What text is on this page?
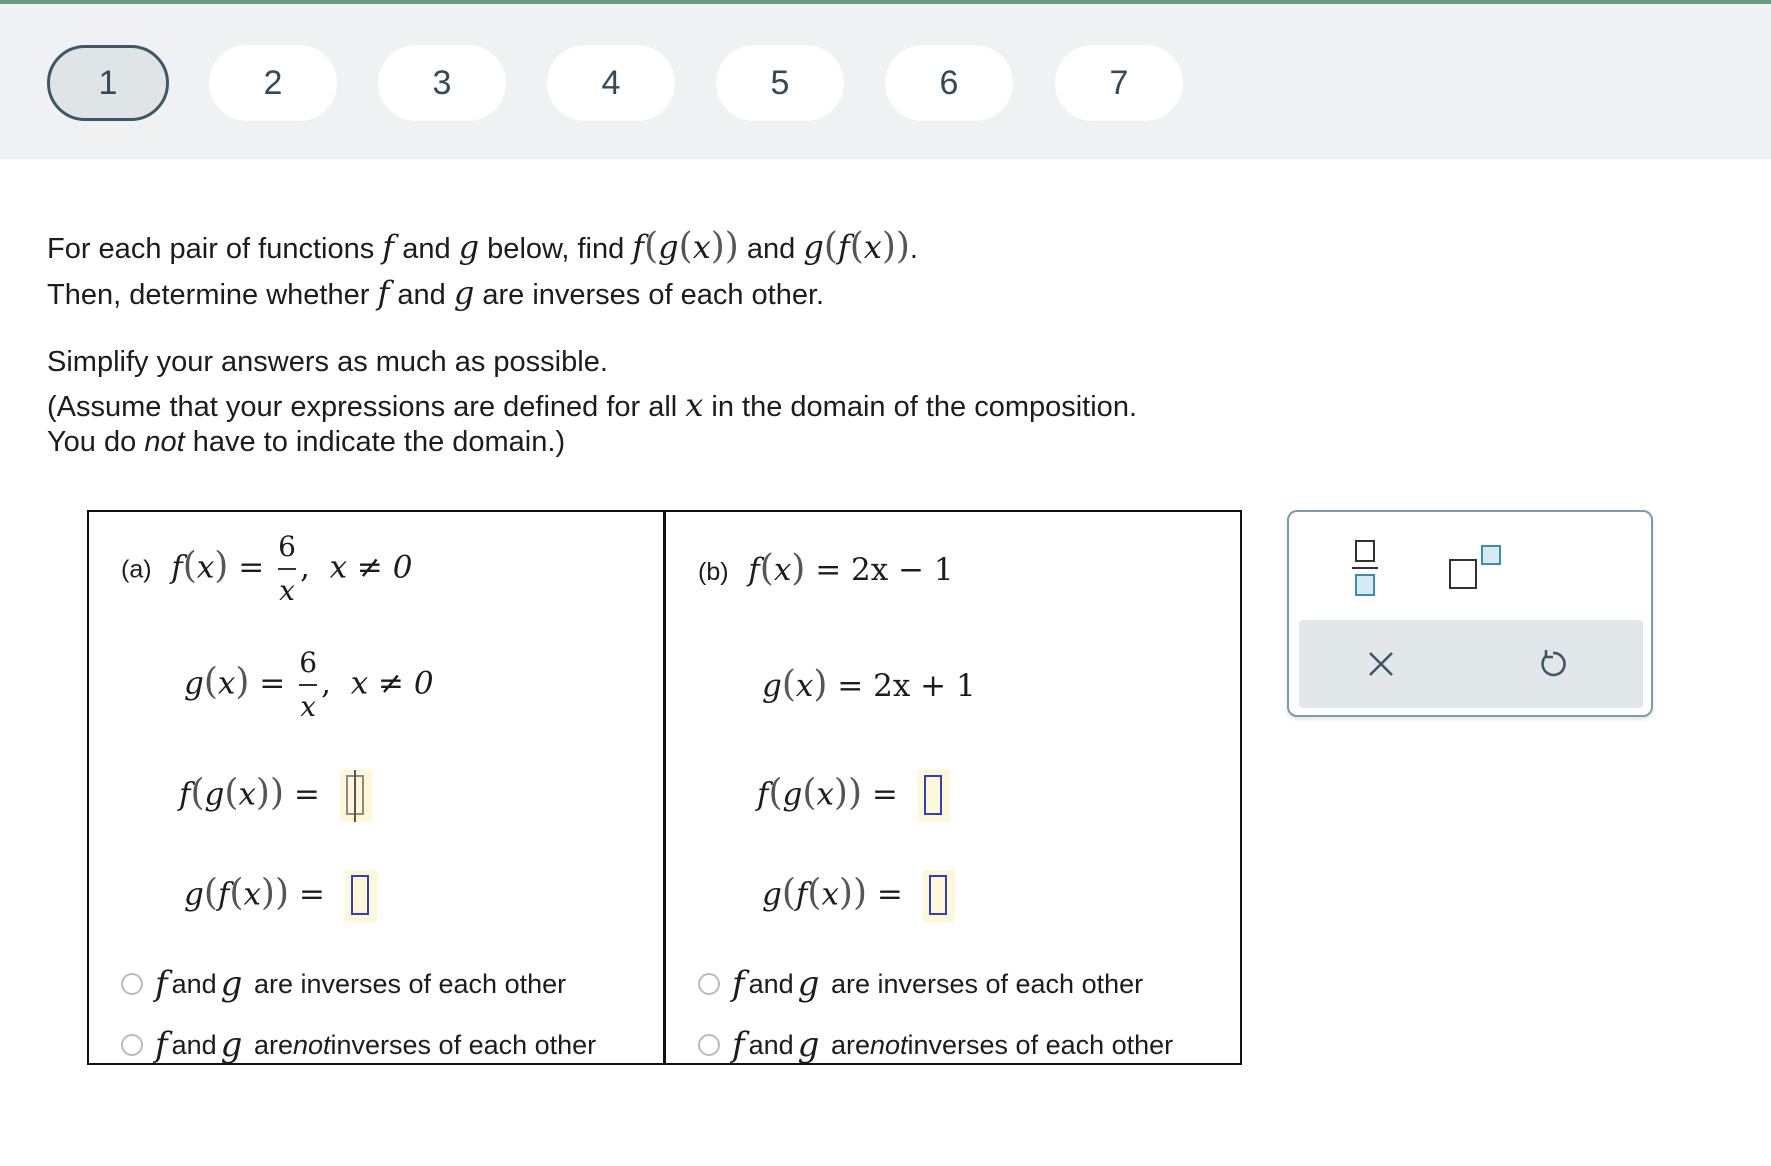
1	2	3	4	5	6	7
For each pair of functions f and g below, find f(g(x)) and g(f(x)).
Then, determine whether f and g are inverses of each other.
Simplify your answers as much as possible.
(Assume that your expressions are defined for all x in the domain of the composition.
You do not have to indicate the domain.)
(a) $f(x) = \frac{6}{x}$ ,  x ≠ 0
$g(x) = \frac{6}{x}$ ,  x ≠ 0
f(g(x)) =
g(f(x)) =
f and g
are inverses of each other
f and g
are not inverses of each other
(b) f(x) = 2x − 1
g(x) = 2x + 1
f(g(x)) =
g(f(x)) =
f and g
are inverses of each other
f and g
are not inverses of each other
